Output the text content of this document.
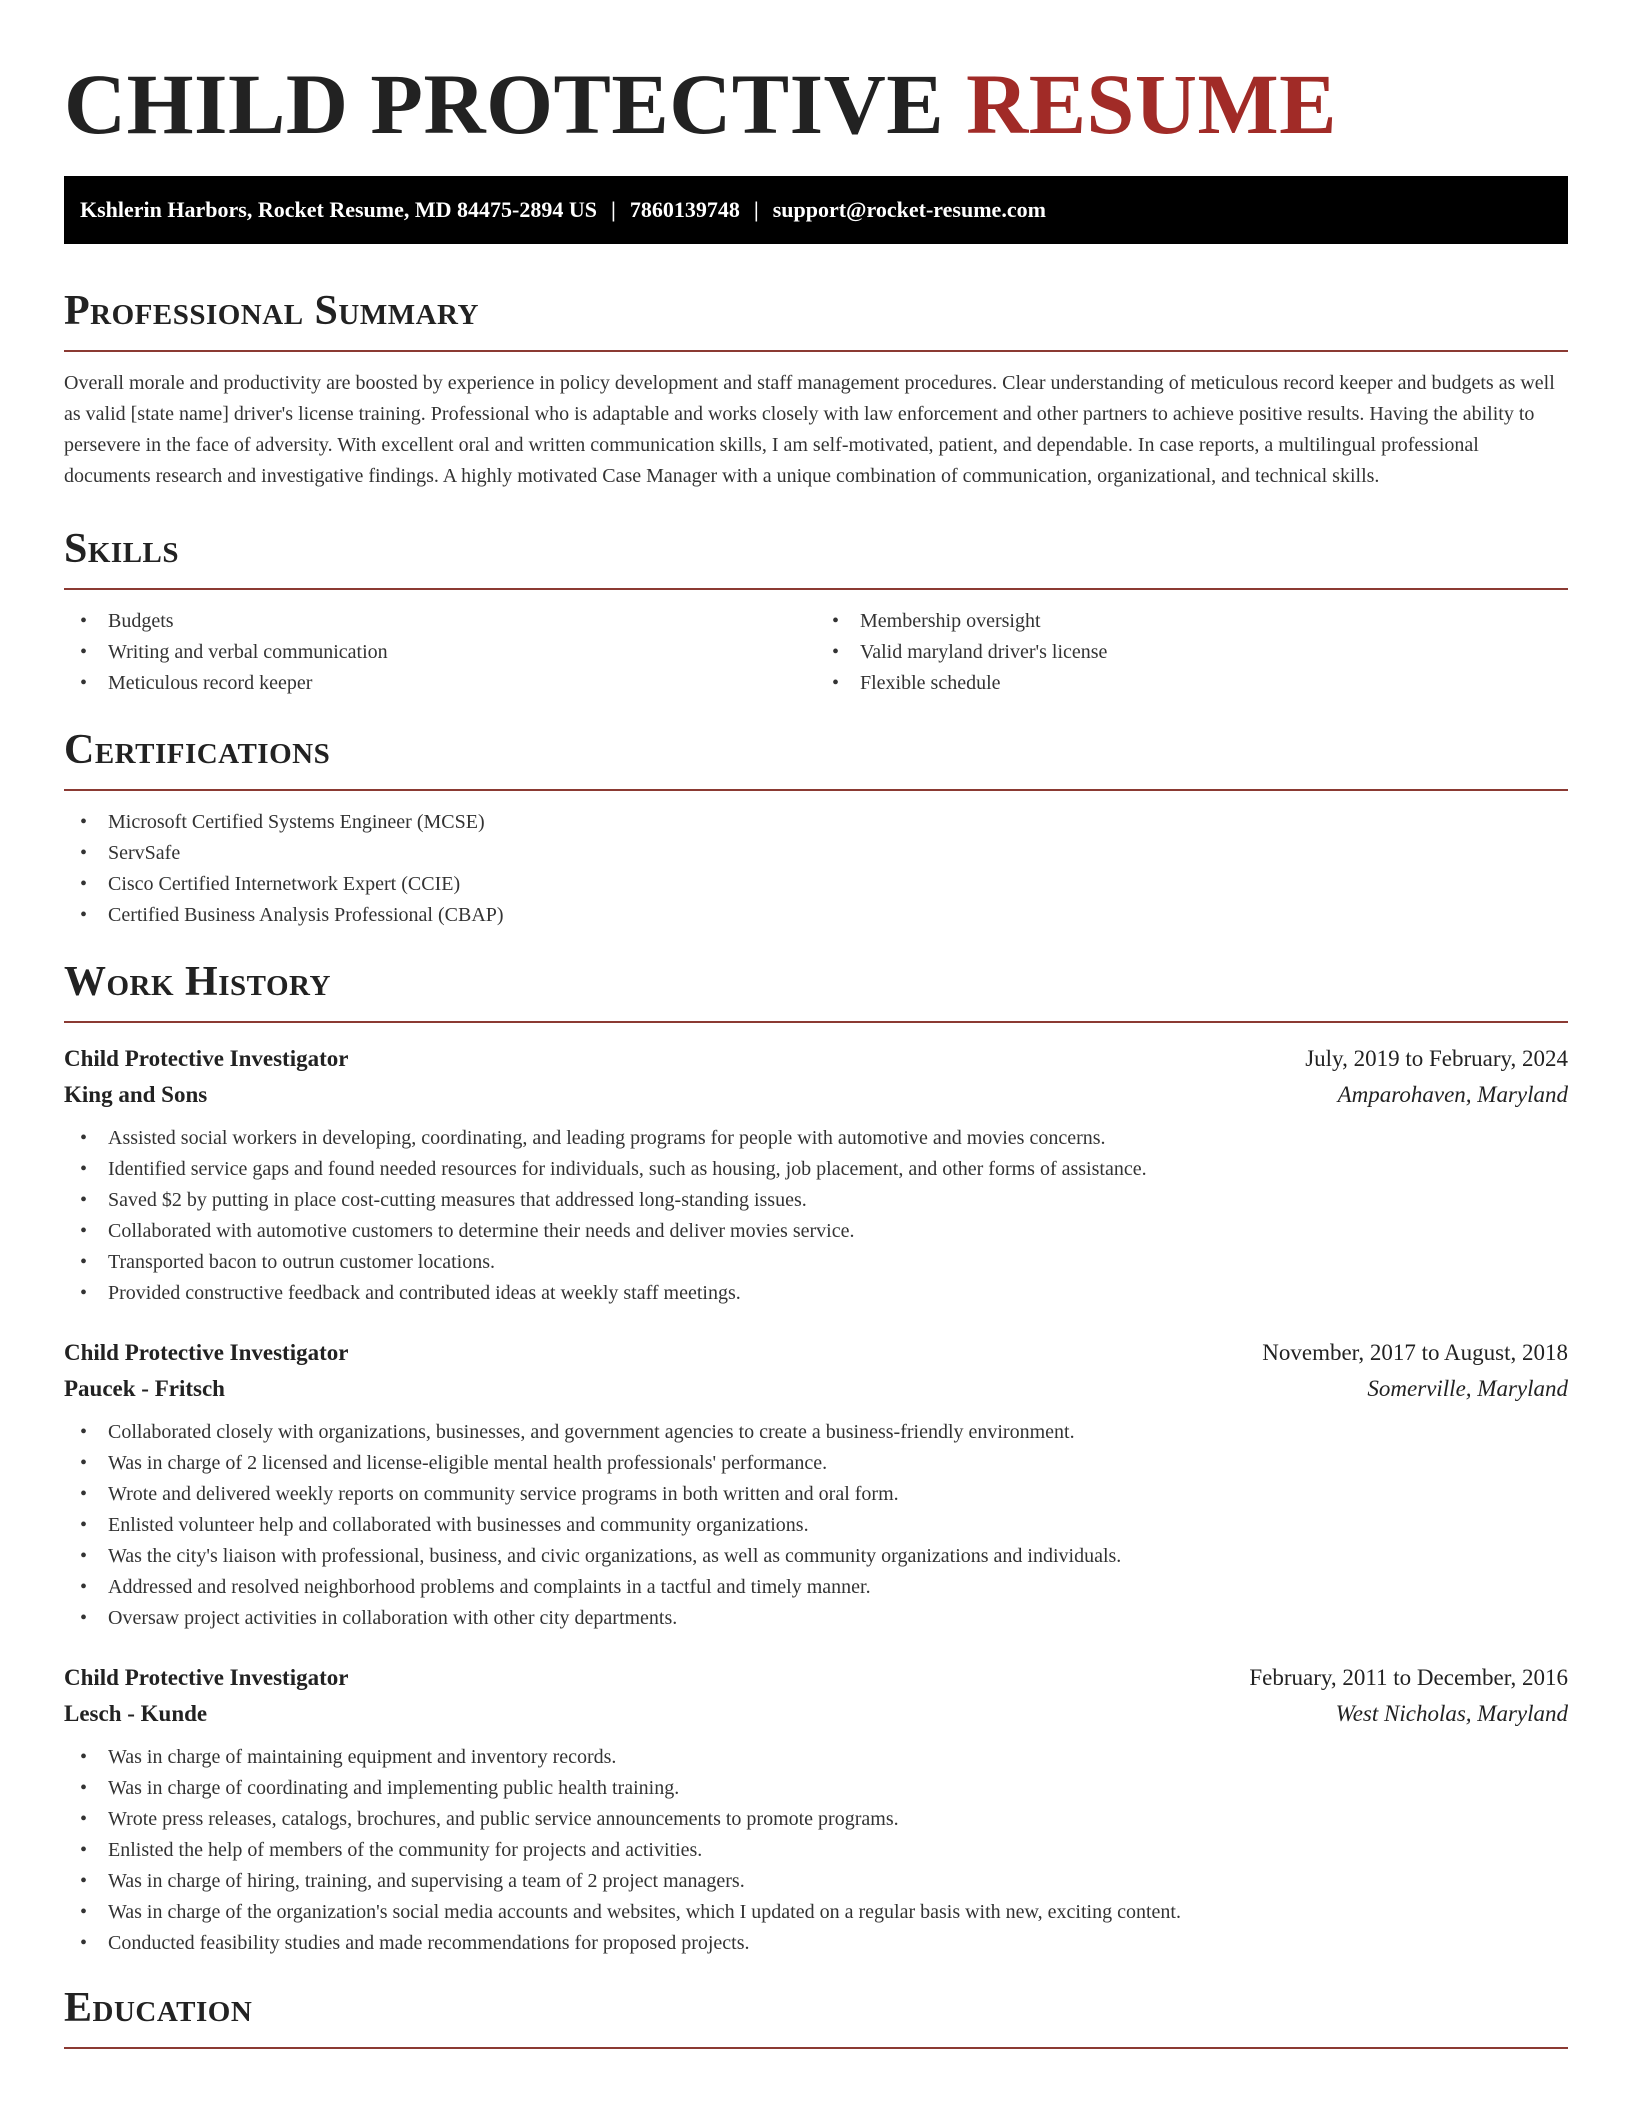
CHILD PROTECTIVE RESUME
Kshlerin Harbors, Rocket Resume, MD 84475-2894 US | 7860139748 | support@rocket-resume.com
Professional Summary

Overall morale and productivity are boosted by experience in policy development and staff management procedures. Clear understanding of meticulous record keeper and budgets as well as valid [state name] driver's license training. Professional who is adaptable and works closely with law enforcement and other partners to achieve positive results. Having the ability to persevere in the face of adversity. With excellent oral and written communication skills, I am self-motivated, patient, and dependable. In case reports, a multilingual professional documents research and investigative findings. A highly motivated Case Manager with a unique combination of communication, organizational, and technical skills.

Skills
• Budgets
• Writing and verbal communication
• Meticulous record keeper
• Membership oversight
• Valid maryland driver's license
• Flexible schedule
Certifications
• Microsoft Certified Systems Engineer (MCSE)
• ServSafe
• Cisco Certified Internetwork Expert (CCIE)
• Certified Business Analysis Professional (CBAP)
Work History
Child Protective Investigator	July, 2019 to February, 2024
King and Sons	Amparohaven, Maryland
• Assisted social workers in developing, coordinating, and leading programs for people with automotive and movies concerns.
• Identified service gaps and found needed resources for individuals, such as housing, job placement, and other forms of assistance.
• Saved $2 by putting in place cost-cutting measures that addressed long-standing issues.
• Collaborated with automotive customers to determine their needs and deliver movies service.
• Transported bacon to outrun customer locations.
• Provided constructive feedback and contributed ideas at weekly staff meetings.
Child Protective Investigator	November, 2017 to August, 2018
Paucek - Fritsch	Somerville, Maryland
• Collaborated closely with organizations, businesses, and government agencies to create a business-friendly environment.
• Was in charge of 2 licensed and license-eligible mental health professionals' performance.
• Wrote and delivered weekly reports on community service programs in both written and oral form.
• Enlisted volunteer help and collaborated with businesses and community organizations.
• Was the city's liaison with professional, business, and civic organizations, as well as community organizations and individuals.
• Addressed and resolved neighborhood problems and complaints in a tactful and timely manner.
• Oversaw project activities in collaboration with other city departments.
Child Protective Investigator	February, 2011 to December, 2016
Lesch - Kunde	West Nicholas, Maryland
• Was in charge of maintaining equipment and inventory records.
• Was in charge of coordinating and implementing public health training.
• Wrote press releases, catalogs, brochures, and public service announcements to promote programs.
• Enlisted the help of members of the community for projects and activities.
• Was in charge of hiring, training, and supervising a team of 2 project managers.
• Was in charge of the organization's social media accounts and websites, which I updated on a regular basis with new, exciting content.
• Conducted feasibility studies and made recommendations for proposed projects.
Education
